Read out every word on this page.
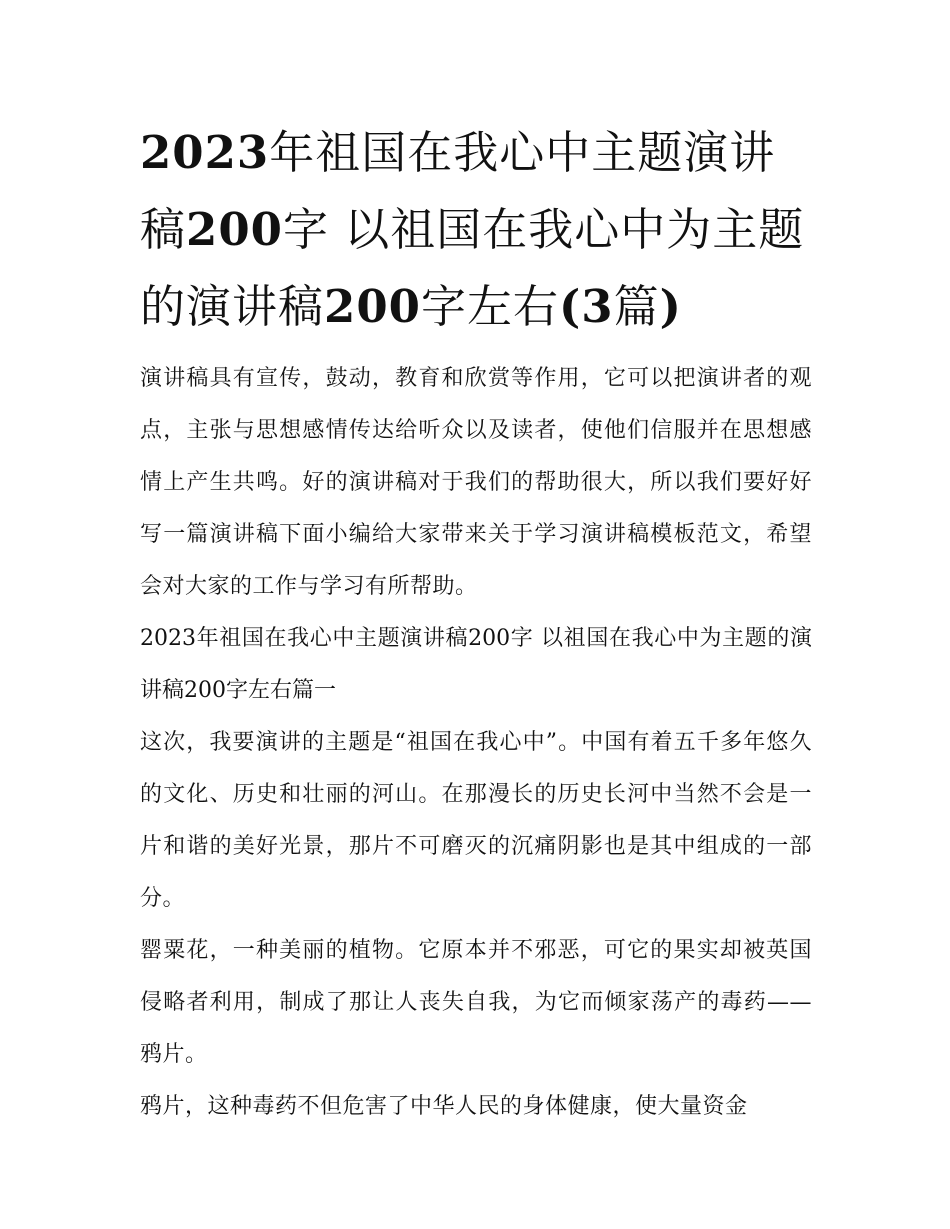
2023年祖国在我心中主题演讲稿200字 以祖国在我心中为主题的演讲稿200字左右(3篇)

演讲稿具有宣传，鼓动，教育和欣赏等作用，它可以把演讲者的观点，主张与思想感情传达给听众以及读者，使他们信服并在思想感情上产生共鸣。好的演讲稿对于我们的帮助很大，所以我们要好好写一篇演讲稿下面小编给大家带来关于学习演讲稿模板范文，希望会对大家的工作与学习有所帮助。

2023年祖国在我心中主题演讲稿200字 以祖国在我心中为主题的演讲稿200字左右篇一

这次，我要演讲的主题是“祖国在我心中”。中国有着五千多年悠久的文化、历史和壮丽的河山。在那漫长的历史长河中当然不会是一片和谐的美好光景，那片不可磨灭的沉痛阴影也是其中组成的一部分。

罂粟花，一种美丽的植物。它原本并不邪恶，可它的果实却被英国侵略者利用，制成了那让人丧失自我，为它而倾家荡产的毒药——鸦片。

鸦片，这种毒药不但危害了中华人民的身体健康，使大量资金
